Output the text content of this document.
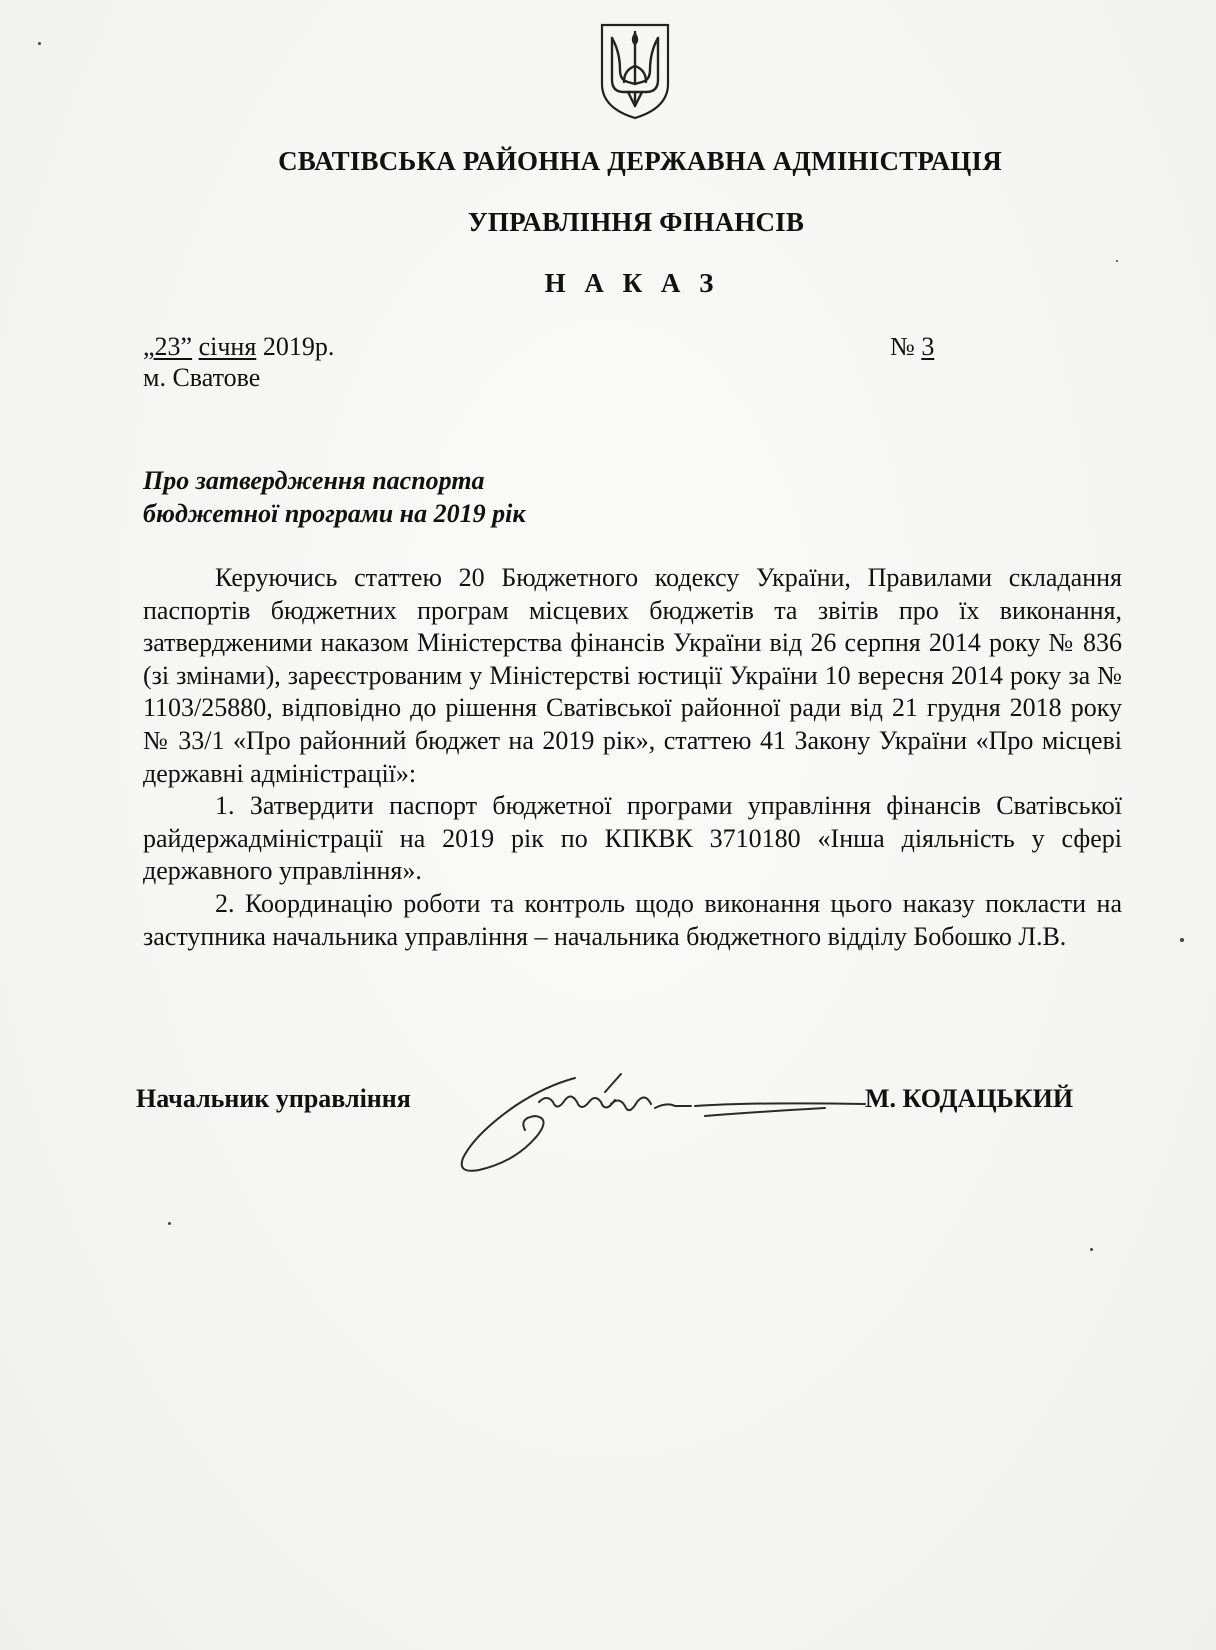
СВАТІВСЬКА РАЙОННА ДЕРЖАВНА АДМІНІСТРАЦІЯ
УПРАВЛІННЯ ФІНАНСІВ
Н А К А З
„23” січня 2019р.
м. Сватове
№ 3
Про затвердження паспорта
бюджетної програми на 2019 рік

Керуючись статтею 20 Бюджетного кодексу України, Правилами складання паспортів бюджетних програм місцевих бюджетів та звітів про їх виконання, затвердженими наказом Міністерства фінансів України від 26 серпня 2014 року № 836 (зі змінами), зареєстрованим у Міністерстві юстиції України 10 вересня 2014 року за № 1103/25880, відповідно до рішення Сватівської районної ради від 21 грудня 2018 року № 33/1 «Про районний бюджет на 2019 рік», статтею 41 Закону України «Про місцеві державні адміністрації»:

1. Затвердити паспорт бюджетної програми управління фінансів Сватівської райдержадміністрації на 2019 рік по КПКВК 3710180 «Інша діяльність у сфері державного управління».

2. Координацію роботи та контроль щодо виконання цього наказу покласти на заступника начальника управління – начальника бюджетного відділу Бобошко Л.В.

Начальник управління	М. КОДАЦЬКИЙ
